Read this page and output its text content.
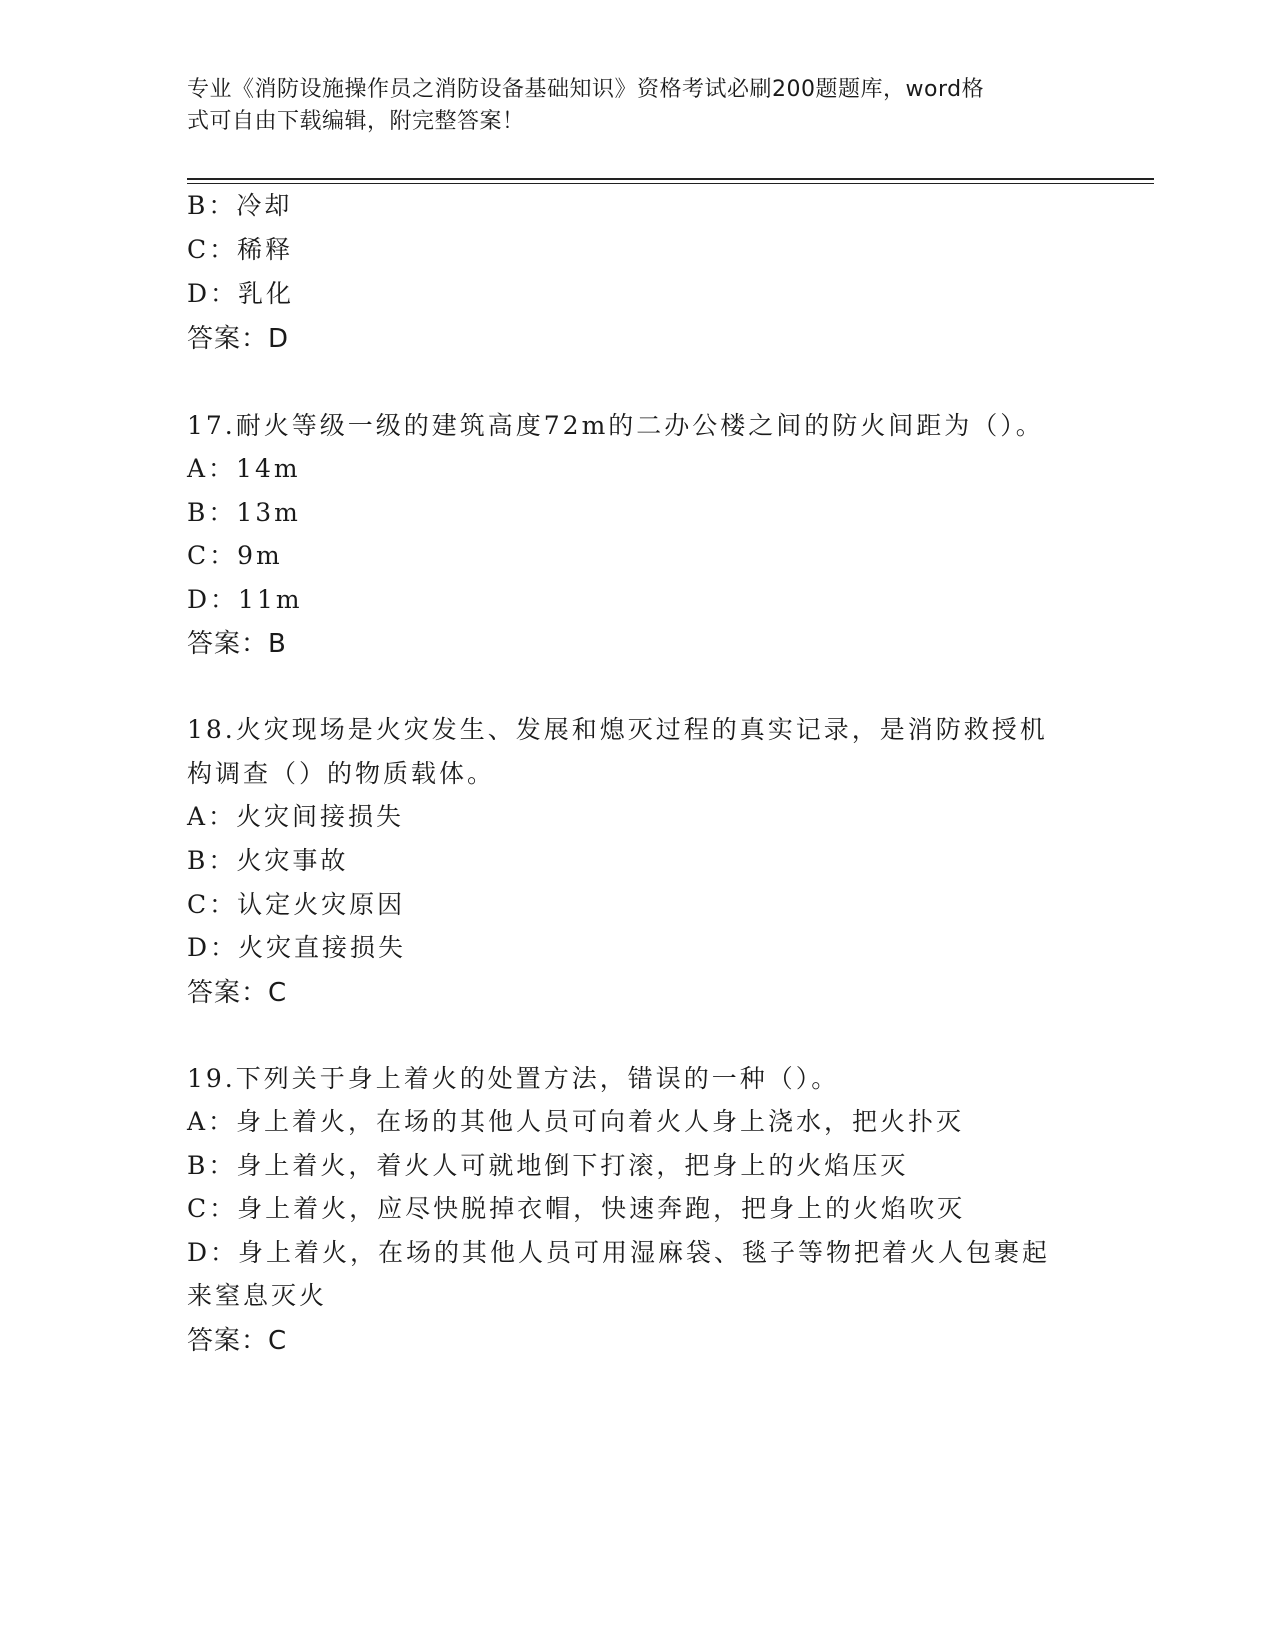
专业《消防设施操作员之消防设备基础知识》资格考试必刷200题题库，word格
式可自由下载编辑，附完整答案！
B：冷却
C：稀释
D：乳化
答案：D
17.耐火等级一级的建筑高度72m的二办公楼之间的防火间距为（）。
A：14m
B：13m
C：9m
D：11m
答案：B
18.火灾现场是火灾发生、发展和熄灭过程的真实记录，是消防救授机
构调查（）的物质载体。
A：火灾间接损失
B：火灾事故
C：认定火灾原因
D：火灾直接损失
答案：C
19.下列关于身上着火的处置方法，错误的一种（）。
A：身上着火，在场的其他人员可向着火人身上浇水，把火扑灭
B：身上着火，着火人可就地倒下打滚，把身上的火焰压灭
C：身上着火，应尽快脱掉衣帽，快速奔跑，把身上的火焰吹灭
D：身上着火，在场的其他人员可用湿麻袋、毯子等物把着火人包裹起
来窒息灭火
答案：C
